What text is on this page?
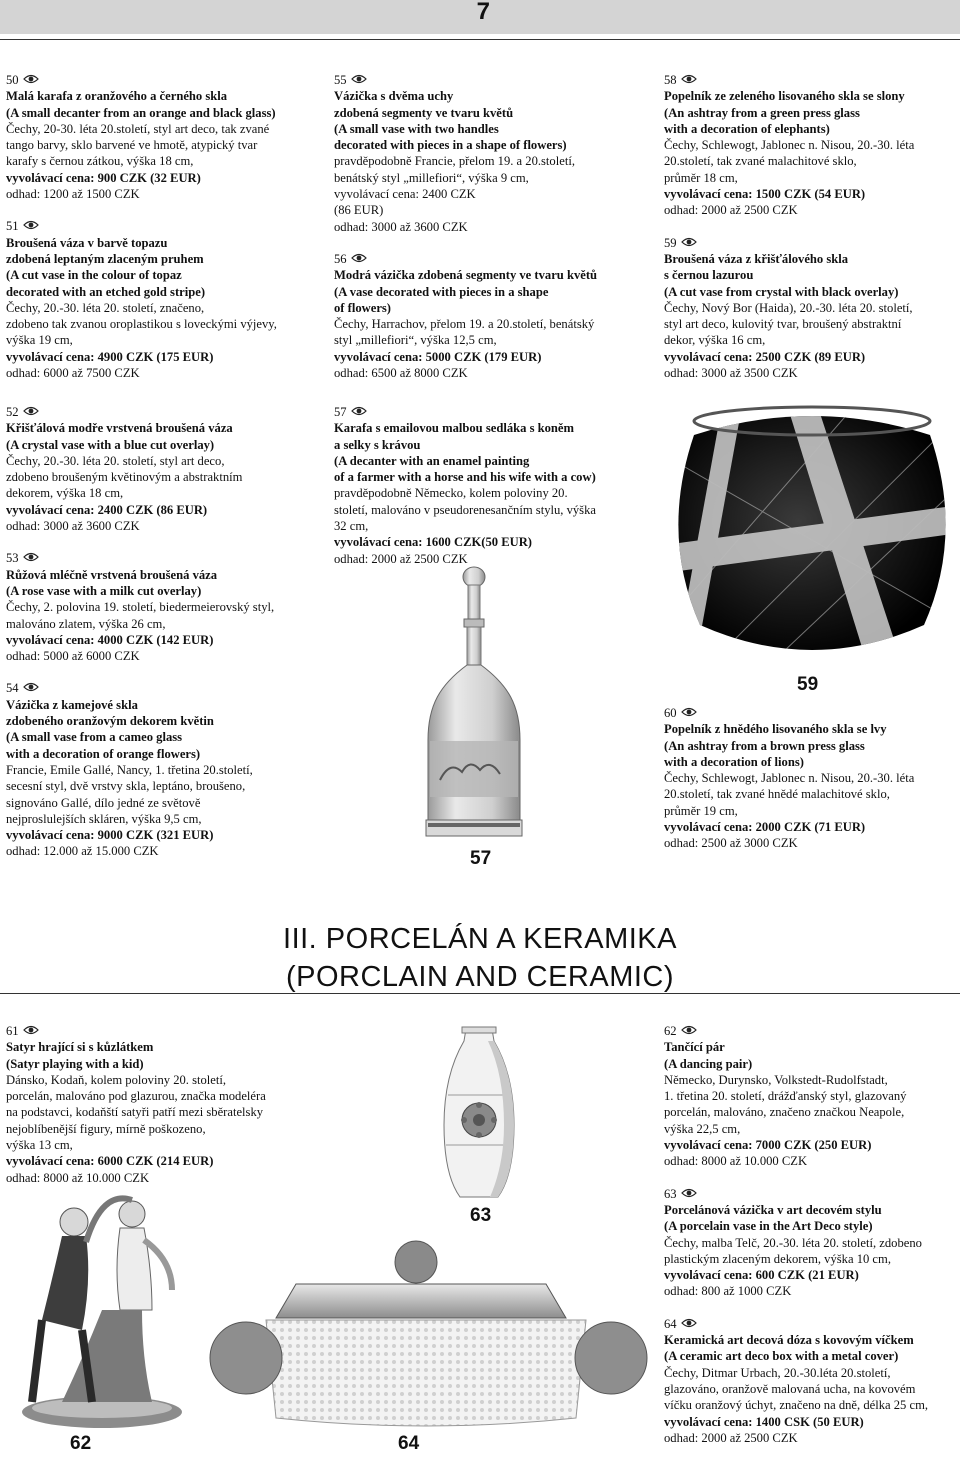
7
50
Malá karafa z oranžového a černého skla
(A small decanter from an orange and black glass)
Čechy, 20-30. léta 20.století, styl art deco, tak zvané
tango barvy, sklo barvené ve hmotě, atypický tvar
karafy s černou zátkou, výška 18 cm,
vyvolávací cena: 900 CZK (32 EUR)
odhad: 1200 až 1500 CZK
51
Broušená váza v barvě topazu
zdobená leptaným zlaceným pruhem
(A cut vase in the colour of topaz
decorated with an etched gold stripe)
Čechy, 20.-30. léta 20. století, značeno,
zdobeno tak zvanou oroplastikou s loveckými výjevy,
výška 19 cm,
vyvolávací cena: 4900 CZK (175 EUR)
odhad: 6000 až 7500 CZK
52
Křišťálová modře vrstvená broušená váza
(A crystal vase with a blue cut overlay)
Čechy, 20.-30. léta 20. století, styl art deco,
zdobeno broušeným květinovým a abstraktním
dekorem, výška 18 cm,
vyvolávací cena: 2400 CZK (86 EUR)
odhad: 3000 až 3600 CZK
53
Růžová mléčně vrstvená broušená váza
(A rose vase with a milk cut overlay)
Čechy, 2. polovina 19. století, biedermeierovský styl,
malováno zlatem, výška 26 cm,
vyvolávací cena: 4000 CZK (142 EUR)
odhad: 5000 až 6000 CZK
54
Vázička z kamejové skla
zdobeného oranžovým dekorem květin
(A small vase from a cameo glass
with a decoration of orange flowers)
Francie, Emile Gallé, Nancy, 1. třetina 20.století,
secesní styl, dvě vrstvy skla, leptáno, broušeno,
signováno Gallé, dílo jedné ze světově
nejproslulejších skláren, výška 9,5 cm,
vyvolávací cena: 9000 CZK (321 EUR)
odhad: 12.000 až 15.000 CZK
55
Vázička s dvěma uchy
zdobená segmenty ve tvaru květů
(A small vase with two handles
decorated with pieces in a shape of flowers)
pravděpodobně Francie, přelom 19. a 20.století,
benátský styl „millefiori“, výška 9 cm,
vyvolávací cena: 2400 CZK
(86 EUR)
odhad: 3000 až 3600 CZK
56
Modrá vázička zdobená segmenty ve tvaru květů
(A vase decorated with pieces in a shape
of flowers)
Čechy, Harrachov, přelom 19. a 20.století, benátský
styl „millefiori“, výška 12,5 cm,
vyvolávací cena: 5000 CZK (179 EUR)
odhad: 6500 až 8000 CZK
57
Karafa s emailovou malbou sedláka s koněm
a selky s krávou
(A decanter with an enamel painting
of a farmer with a horse and his wife with a cow)
pravděpodobně Německo, kolem poloviny 20.
století, malováno v pseudorenesančním stylu, výška
32 cm,
vyvolávací cena: 1600 CZK(50 EUR)
odhad: 2000 až 2500 CZK
58
Popelník ze zeleného lisovaného skla se slony
(An ashtray from a green press glass
with a decoration of elephants)
Čechy, Schlewogt, Jablonec n. Nisou, 20.-30. léta
20.století, tak zvané malachitové sklo,
průměr 18 cm,
vyvolávací cena: 1500 CZK (54 EUR)
odhad: 2000 až 2500 CZK
59
Broušená váza z křišťálového skla
s černou lazurou
(A cut vase from crystal with black overlay)
Čechy, Nový Bor (Haida), 20.-30. léta 20. století,
styl art deco, kulovitý tvar, broušený abstraktní
dekor, výška 16 cm,
vyvolávací cena: 2500 CZK (89 EUR)
odhad: 3000 až 3500 CZK
60
Popelník z hnědého lisovaného skla se lvy
(An ashtray from a brown press glass
with a decoration of lions)
Čechy, Schlewogt, Jablonec n. Nisou, 20.-30. léta
20.století, tak zvané hnědé malachitové sklo,
průměr 19 cm,
vyvolávací cena: 2000 CZK (71 EUR)
odhad: 2500 až 3000 CZK
57
59
III. PORCELÁN A KERAMIKA
(PORCLAIN AND CERAMIC)
61
Satyr hrající si s kůzlátkem
(Satyr playing with a kid)
Dánsko, Kodaň, kolem poloviny 20. století,
porcelán, malováno pod glazurou, značka modeléra
na podstavci, kodaňští satyři patří mezi sběratelsky
nejoblíbenější figury, mírně poškozeno,
výška 13 cm,
vyvolávací cena: 6000 CZK (214 EUR)
odhad: 8000 až 10.000 CZK
62
Tančící pár
(A dancing pair)
Německo, Durynsko, Volkstedt-Rudolfstadt,
1. třetina 20. století, drážďanský styl, glazovaný
porcelán, malováno, značeno značkou Neapole,
výška 22,5 cm,
vyvolávací cena: 7000 CZK (250 EUR)
odhad: 8000 až 10.000 CZK
63
Porcelánová vázička v art decovém stylu
(A porcelain vase in the Art Deco style)
Čechy, malba Telč, 20.-30. léta 20. století, zdobeno
plastickým zlaceným dekorem, výška 10 cm,
vyvolávací cena: 600 CZK (21 EUR)
odhad: 800 až 1000 CZK
64
Keramická art decová dóza s kovovým víčkem
(A ceramic art deco box with a metal cover)
Čechy, Ditmar Urbach, 20.-30.léta 20.století,
glazováno, oranžově malovaná ucha, na kovovém
víčku oranžový úchyt, značeno na dně, délka 25 cm,
vyvolávací cena: 1400 CSK (50 EUR)
odhad: 2000 až 2500 CZK
63
62	64
